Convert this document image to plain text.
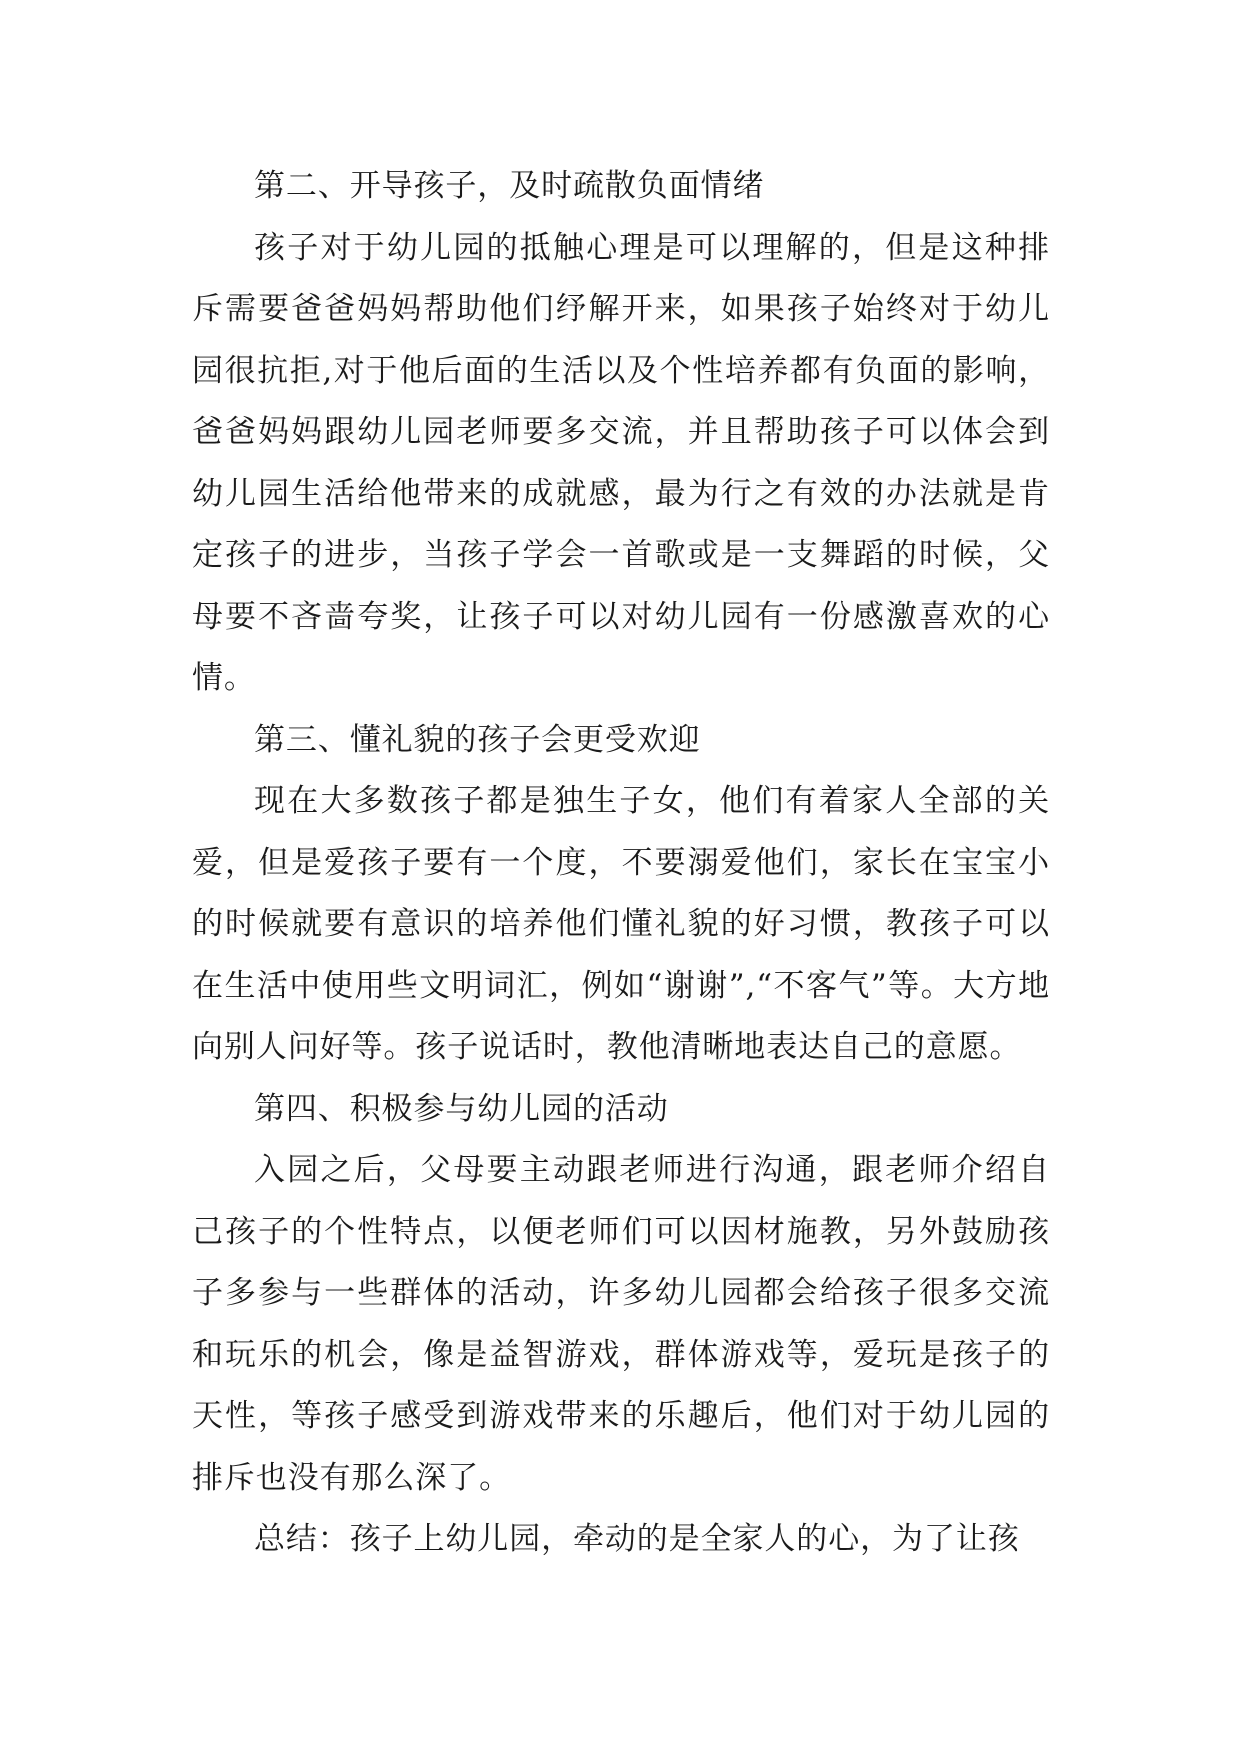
第二、开导孩子，及时疏散负面情绪

孩子对于幼儿园的抵触心理是可以理解的，但是这种排斥需要爸爸妈妈帮助他们纾解开来，如果孩子始终对于幼儿园很抗拒,对于他后面的生活以及个性培养都有负面的影响，爸爸妈妈跟幼儿园老师要多交流，并且帮助孩子可以体会到幼儿园生活给他带来的成就感，最为行之有效的办法就是肯定孩子的进步，当孩子学会一首歌或是一支舞蹈的时候，父母要不吝啬夸奖，让孩子可以对幼儿园有一份感激喜欢的心情。

第三、懂礼貌的孩子会更受欢迎

现在大多数孩子都是独生子女，他们有着家人全部的关爱，但是爱孩子要有一个度，不要溺爱他们，家长在宝宝小的时候就要有意识的培养他们懂礼貌的好习惯，教孩子可以在生活中使用些文明词汇，例如“谢谢”,“不客气”等。大方地向别人问好等。孩子说话时，教他清晰地表达自己的意愿。

第四、积极参与幼儿园的活动

入园之后，父母要主动跟老师进行沟通，跟老师介绍自己孩子的个性特点，以便老师们可以因材施教，另外鼓励孩子多参与一些群体的活动，许多幼儿园都会给孩子很多交流和玩乐的机会，像是益智游戏，群体游戏等，爱玩是孩子的天性，等孩子感受到游戏带来的乐趣后，他们对于幼儿园的排斥也没有那么深了。

总结：孩子上幼儿园，牵动的是全家人的心，为了让孩
